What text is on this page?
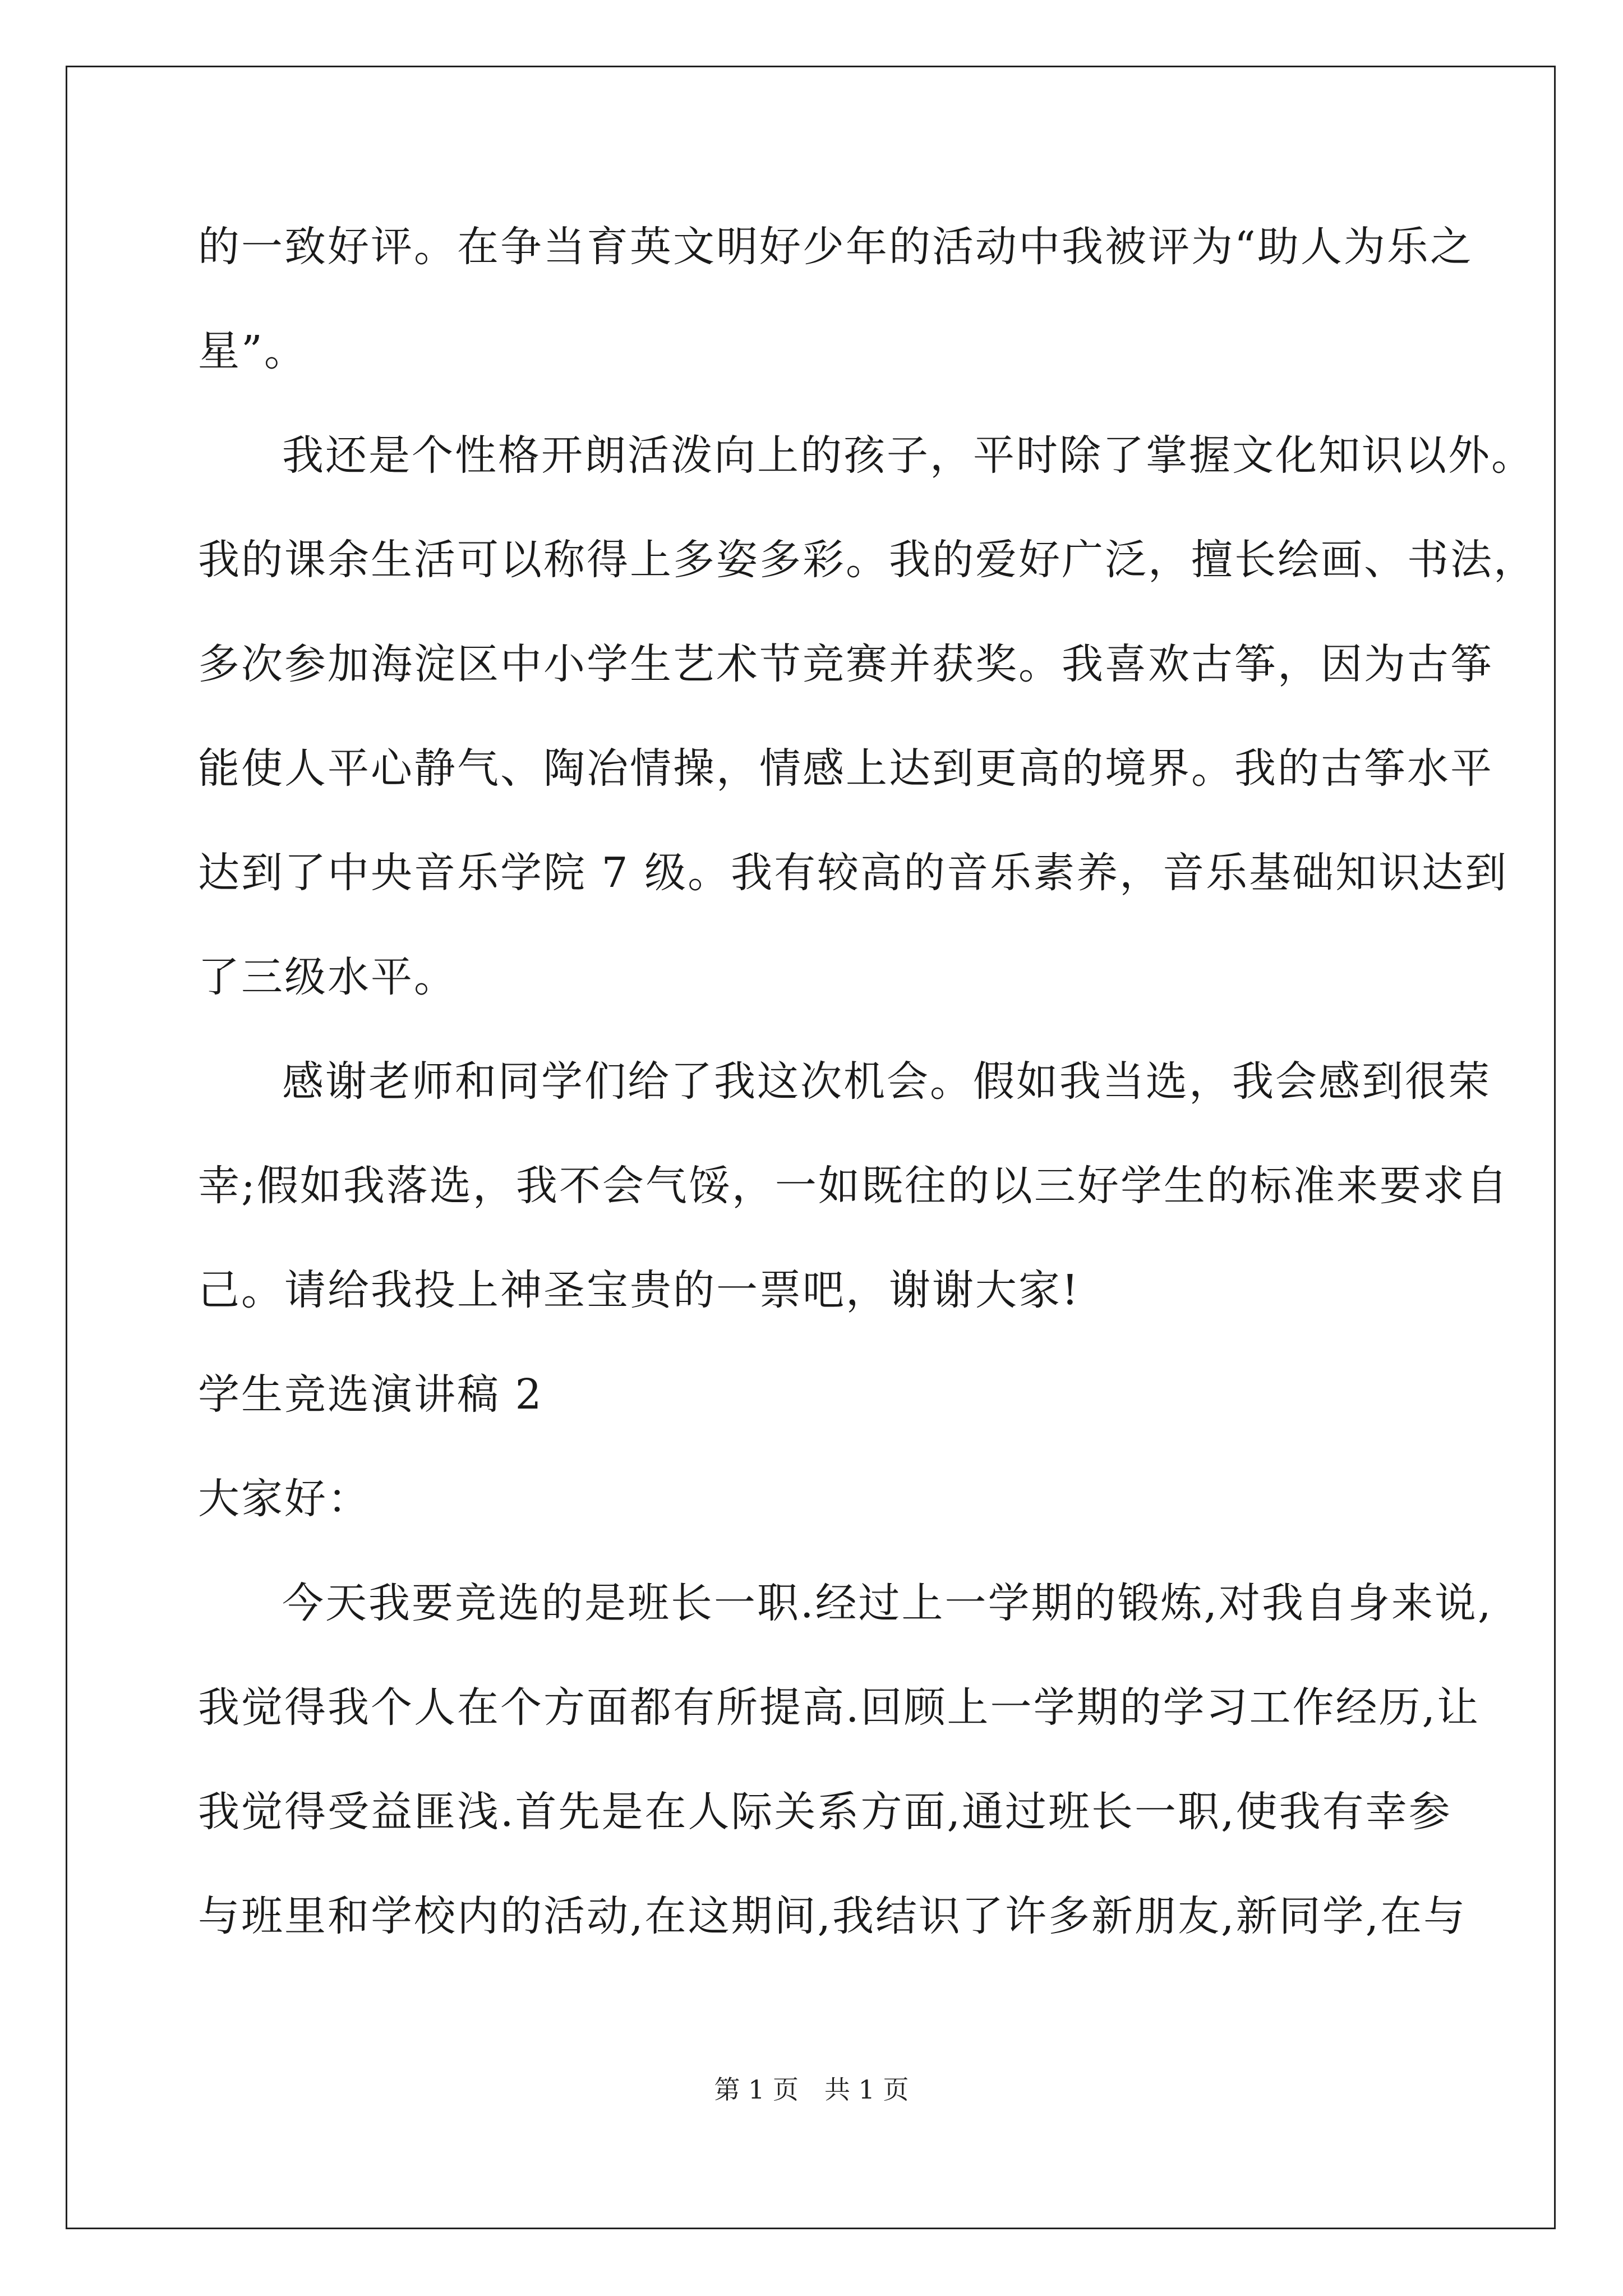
的一致好评。在争当育英文明好少年的活动中我被评为“助人为乐之
星”。
我还是个性格开朗活泼向上的孩子，平时除了掌握文化知识以外。
我的课余生活可以称得上多姿多彩。我的爱好广泛，擅长绘画、书法，
多次参加海淀区中小学生艺术节竞赛并获奖。我喜欢古筝，因为古筝
能使人平心静气、陶冶情操，情感上达到更高的境界。我的古筝水平
达到了中央音乐学院 7 级。我有较高的音乐素养，音乐基础知识达到
了三级水平。
感谢老师和同学们给了我这次机会。假如我当选，我会感到很荣
幸;假如我落选，我不会气馁，一如既往的以三好学生的标准来要求自
己。请给我投上神圣宝贵的一票吧，谢谢大家!
学生竞选演讲稿 2
大家好：
今天我要竞选的是班长一职.经过上一学期的锻炼,对我自身来说,
我觉得我个人在个方面都有所提高.回顾上一学期的学习工作经历,让
我觉得受益匪浅.首先是在人际关系方面,通过班长一职,使我有幸参
与班里和学校内的活动,在这期间,我结识了许多新朋友,新同学,在与
第 1 页　共 1 页
